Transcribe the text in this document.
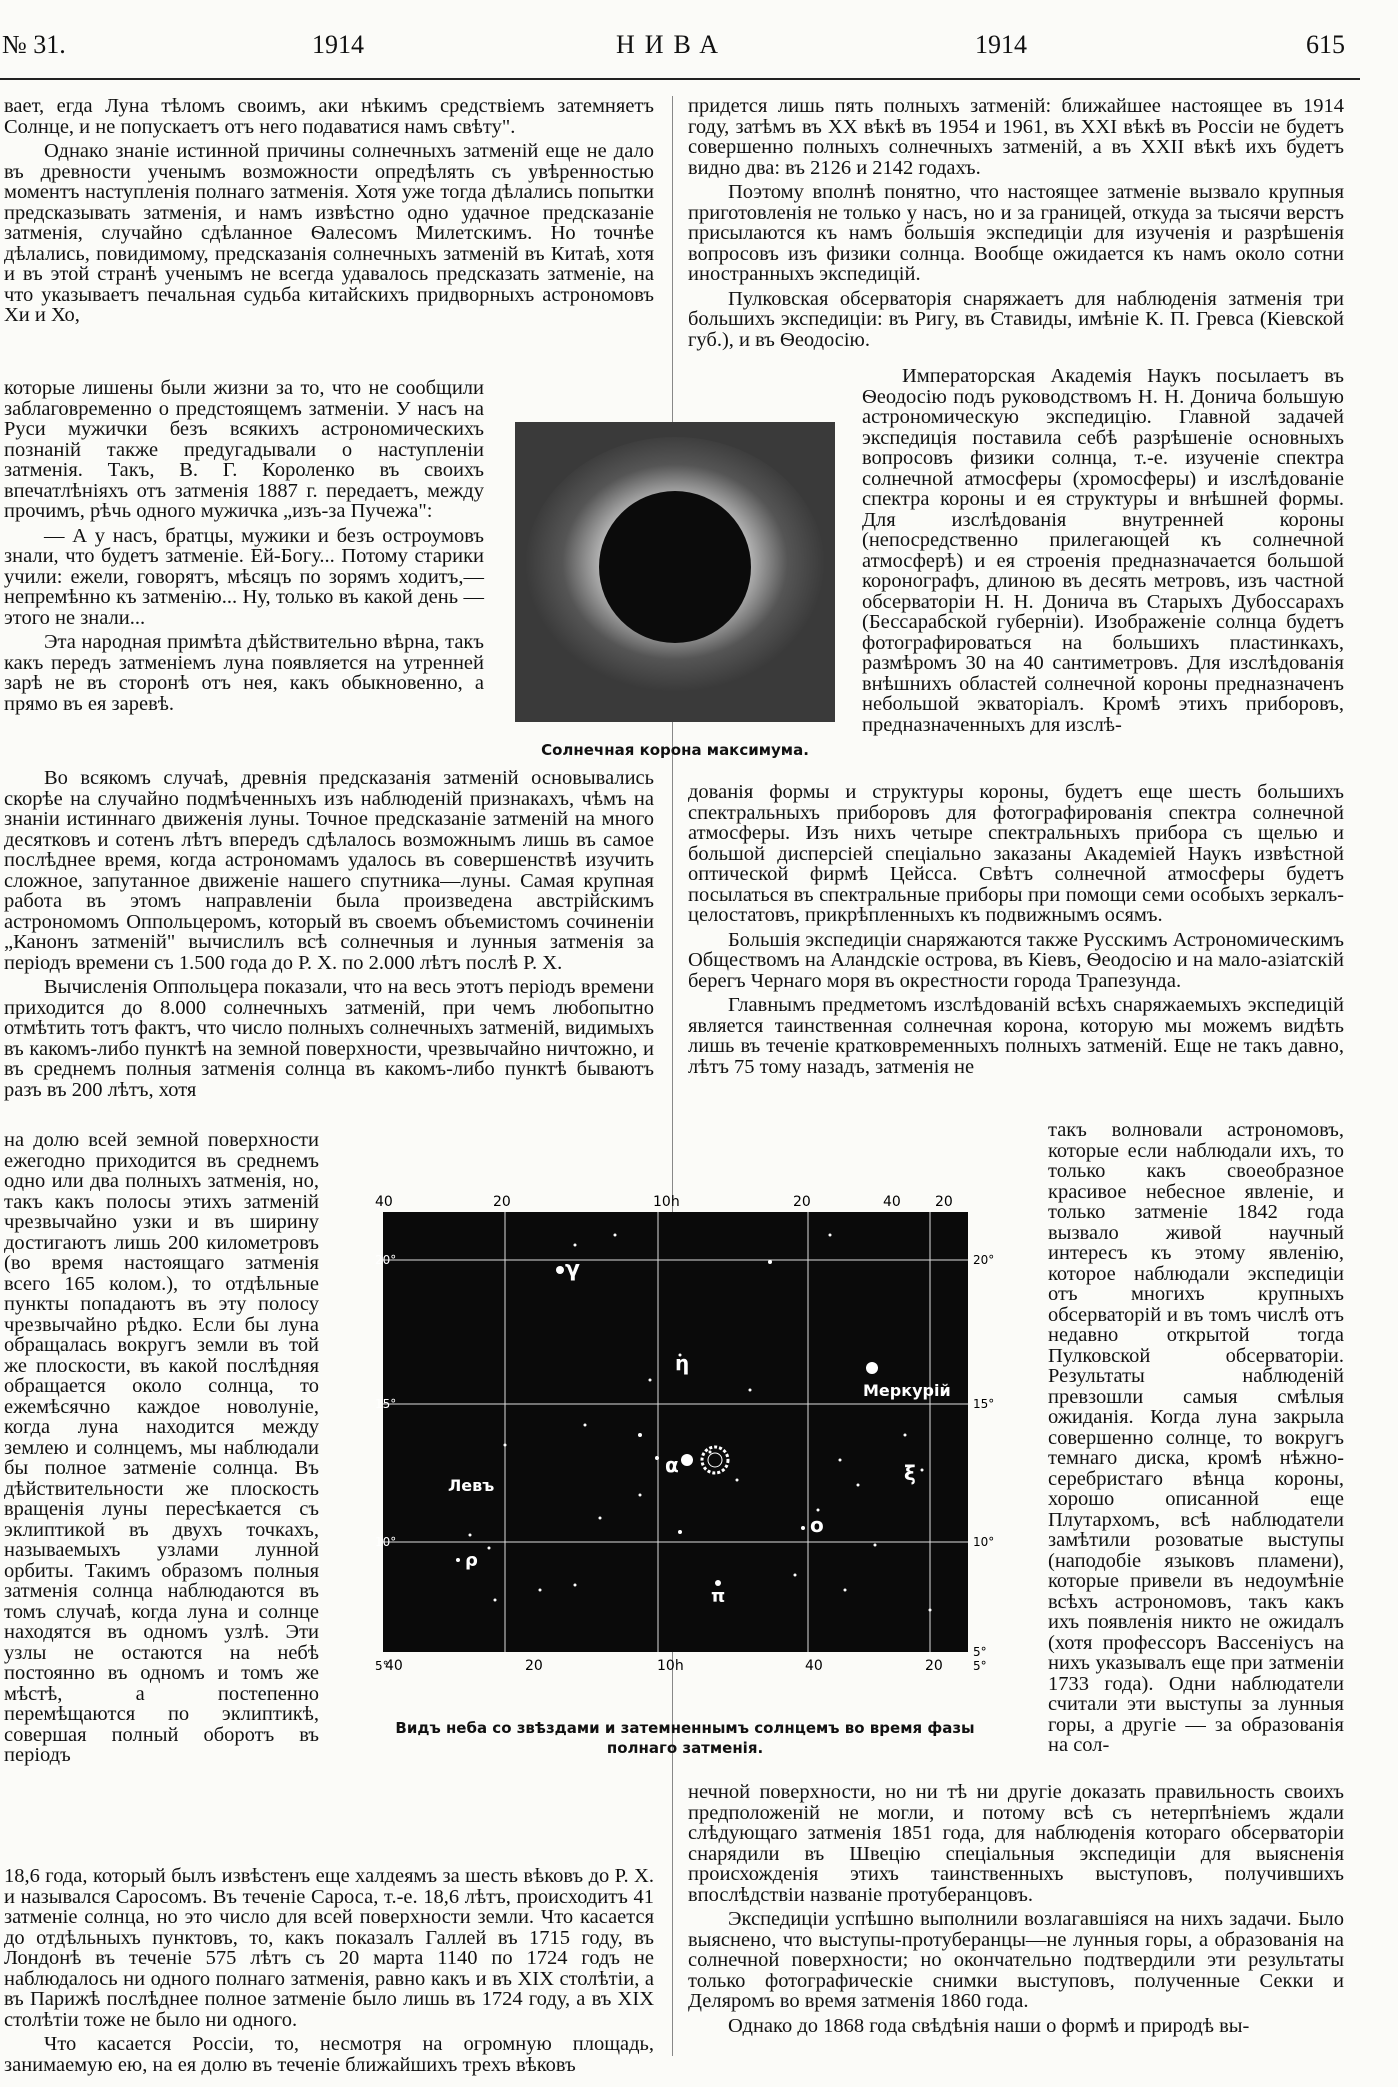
№ 31.	1914	НИВА	1914	615

вает, егда Луна тѣломъ своимъ, аки нѣкимъ средствiемъ затемняетъ Солнце, и не попускаетъ отъ него подаватися намъ свѣту".

Однако знанiе истинной причины солнечныхъ затменiй еще не дало въ древности ученымъ возможности опредѣлять съ увѣренностью моментъ наступленiя полнаго затменiя. Хотя уже тогда дѣлались попытки предсказывать затменiя, и намъ извѣстно одно удачное предсказанiе затменiя, случайно сдѣланное Ѳалесомъ Милетскимъ. Но точнѣе дѣлались, повидимому, предсказанiя солнечныхъ затменiй въ Китаѣ, хотя и въ этой странѣ ученымъ не всегда удавалось предсказать затменiе, на что указываетъ печальная судьба китайскихъ придворныхъ астрономовъ Хи и Хо,

которые лишены были жизни за то, что не сообщили заблаговременно о предстоящемъ затменiи. У насъ на Руси мужички безъ всякихъ астрономическихъ познанiй также предугадывали о наступленiи затменiя. Такъ, В. Г. Короленко въ своихъ впечатлѣнiяхъ отъ затменiя 1887 г. передаетъ, между прочимъ, рѣчь одного мужичка „изъ-за Пучежа":

— А у насъ, братцы, мужики и безъ остроумовъ знали, что будетъ затменiе. Ей-Богу... Потому старики учили: ежели, говорятъ, мѣсяцъ по зорямъ ходитъ,—непремѣнно къ затменiю... Ну, только въ какой день — этого не знали...

Эта народная примѣта дѣйствительно вѣрна, такъ какъ передъ затменiемъ луна появляется на утренней зарѣ не въ сторонѣ отъ нея, какъ обыкновенно, а прямо въ ея заревѣ.

Солнечная корона максимума.

Во всякомъ случаѣ, древнiя предсказанiя затменiй основывались скорѣе на случайно подмѣченныхъ изъ наблюденiй признакахъ, чѣмъ на знанiи истиннаго движенiя луны. Точное предсказанiе затменiй на много десятковъ и сотенъ лѣтъ впередъ сдѣлалось возможнымъ лишь въ самое послѣднее время, когда астрономамъ удалось въ совершенствѣ изучить сложное, запутанное движенiе нашего спутника—луны. Самая крупная работа въ этомъ направленiи была произведена австрiйскимъ астрономомъ Оппольцеромъ, который въ своемъ объемистомъ сочиненiи „Канонъ затменiй" вычислилъ всѣ солнечныя и лунныя затменiя за перiодъ времени съ 1.500 года до Р. Х. по 2.000 лѣтъ послѣ Р. Х.

Вычисленiя Оппольцера показали, что на весь этотъ перiодъ времени приходится до 8.000 солнечныхъ затменiй, при чемъ любопытно отмѣтить тотъ фактъ, что число полныхъ солнечныхъ затменiй, видимыхъ въ какомъ-либо пунктѣ на земной поверхности, чрезвычайно ничтожно, и въ среднемъ полныя затменiя солнца въ какомъ-либо пунктѣ бываютъ разъ въ 200 лѣтъ, хотя

на долю всей земной поверхности ежегодно приходится въ среднемъ одно или два полныхъ затменiя, но, такъ какъ полосы этихъ затменiй чрезвычайно узки и въ ширину достигаютъ лишь 200 километровъ (во время настоящаго затменiя всего 165 колом.), то отдѣльные пункты попадаютъ въ эту полосу чрезвычайно рѣдко. Если бы луна обращалась вокругъ земли въ той же плоскости, въ какой послѣдняя обращается около солнца, то ежемѣсячно каждое новолунiе, когда луна находится между землею и солнцемъ, мы наблюдали бы полное затменiе солнца. Въ дѣйствительности же плоскость вращенiя луны пересѣкается съ эклиптикой въ двухъ точкахъ, называемыхъ узлами лунной орбиты. Такимъ образомъ полныя затменiя солнца наблюдаются въ томъ случаѣ, когда луна и солнце находятся въ одномъ узлѣ. Эти узлы не остаются на небѣ постоянно въ одномъ и томъ же мѣстѣ, а постепенно перемѣщаются по эклиптикѣ, совершая полный оборотъ въ перiодъ

18,6 года, который былъ извѣстенъ еще халдеямъ за шесть вѣковъ до Р. Х. и назывался Саросомъ. Въ теченiе Сароса, т.-е. 18,6 лѣтъ, происходитъ 41 затменiе солнца, но это число для всей поверхности земли. Что касается до отдѣльныхъ пунктовъ, то, какъ показалъ Галлей въ 1715 году, въ Лондонѣ въ теченiе 575 лѣтъ съ 20 марта 1140 по 1724 годъ не наблюдалось ни одного полнаго затменiя, равно какъ и въ XIX столѣтiи, а въ Парижѣ послѣднее полное затменiе было лишь въ 1724 году, а въ XIX столѣтiи тоже не было ни одного.

Что касается Россiи, то, несмотря на огромную площадь, занимаемую ею, на ея долю въ теченiе ближайшихъ трехъ вѣковъ

придется лишь пять полныхъ затменiй: ближайшее настоящее въ 1914 году, затѣмъ въ XX вѣкѣ въ 1954 и 1961, въ XXI вѣкѣ въ Россiи не будетъ совершенно полныхъ солнечныхъ затменiй, а въ XXII вѣкѣ ихъ будетъ видно два: въ 2126 и 2142 годахъ.

Поэтому вполнѣ понятно, что настоящее затменiе вызвало крупныя приготовленiя не только у насъ, но и за границей, откуда за тысячи верстъ присылаются къ намъ большiя экспедицiи для изученiя и разрѣшенiя вопросовъ изъ физики солнца. Вообще ожидается къ намъ около сотни иностранныхъ экспедицiй.

Пулковская обсерваторiя снаряжаетъ для наблюденiя затменiя три большихъ экспедицiи: въ Ригу, въ Ставиды, имѣнiе К. П. Гревса (Кiевской губ.), и въ Ѳеодосiю.

Императорская Академiя Наукъ посылаетъ въ Ѳеодосiю подъ руководствомъ Н. Н. Донича большую астрономическую экспедицiю. Главной задачей экспедицiя поставила себѣ разрѣшенiе основныхъ вопросовъ физики солнца, т.-е. изученiе спектра солнечной атмосферы (хромосферы) и изслѣдованiе спектра короны и ея структуры и внѣшней формы. Для изслѣдованiя внутренней короны (непосредственно прилегающей къ солнечной атмосферѣ) и ея строенiя предназначается большой коронографъ, длиною въ десять метровъ, изъ частной обсерваторiи Н. Н. Донича въ Старыхъ Дубоссарахъ (Бессарабской губернiи). Изображенiе солнца будетъ фотографироваться на большихъ пластинкахъ, размѣромъ 30 на 40 сантиметровъ. Для изслѣдованiя внѣшнихъ областей солнечной короны предназначенъ небольшой экваторiалъ. Кромѣ этихъ приборовъ, предназначенныхъ для изслѣ-

дованiя формы и структуры короны, будетъ еще шесть большихъ спектральныхъ приборовъ для фотографированiя спектра солнечной атмосферы. Изъ нихъ четыре спектральныхъ прибора съ щелью и большой дисперсiей спецiально заказаны Академiей Наукъ извѣстной оптической фирмѣ Цейсса. Свѣтъ солнечной атмосферы будетъ посылаться въ спектральные приборы при помощи семи особыхъ зеркалъ-целостатовъ, прикрѣпленныхъ къ подвижнымъ осямъ.

Большiя экспедицiи снаряжаются также Русскимъ Астрономическимъ Обществомъ на Аландскiе острова, въ Кiевъ, Ѳеодосiю и на мало-азiатскiй берегъ Чернаго моря въ окрестности города Трапезунда.

Главнымъ предметомъ изслѣдованiй всѣхъ снаряжаемыхъ экспедицiй является таинственная солнечная корона, которую мы можемъ видѣть лишь въ теченiе кратковременныхъ полныхъ затменiй. Еще не такъ давно, лѣтъ 75 тому назадъ, затменiя не

такъ волновали астрономовъ, которые если наблюдали ихъ, то только какъ своеобразное красивое небесное явленiе, и только затменiе 1842 года вызвало живой научный интересъ къ этому явленiю, которое наблюдали экспедицiи отъ многихъ крупныхъ обсерваторiй и въ томъ числѣ отъ недавно открытой тогда Пулковской обсерваторiи. Результаты наблюденiй превзошли самыя смѣлыя ожиданiя. Когда луна закрыла совершенно солнце, то вокругъ темнаго диска, кромѣ нѣжно-серебристаго вѣнца короны, хорошо описанной еще Плутархомъ, всѣ наблюдатели замѣтили розоватые выступы (наподобiе языковъ пламени), которые привели въ недоумѣнiе всѣхъ астрономовъ, такъ какъ ихъ появленiя никто не ожидалъ (хотя профессоръ Вассенiусъ на нихъ указывалъ еще при затменiи 1733 года). Одни наблюдатели считали эти выступы за лунныя горы, а другiе — за образованiя на сол-

нечной поверхности, но ни тѣ ни другiе доказать правильность своихъ предположенiй не могли, и потому всѣ съ нетерпѣнiемъ ждали слѣдующаго затменiя 1851 года, для наблюденiя котораго обсерваторiи снарядили въ Швецiю спецiальныя экспедицiи для выясненiя происхожденiя этихъ таинственныхъ выступовъ, получившихъ впослѣдствiи названiе протуберанцовъ.

Экспедицiи успѣшно выполнили возлагавшiяся на нихъ задачи. Было выяснено, что выступы-протуберанцы—не лунныя горы, а образованiя на солнечной поверхности; но окончательно подтвердили эти результаты только фотографическiе снимки выступовъ, полученные Секки и Деляромъ во время затменiя 1860 года.

Однако до 1868 года свѣдѣнiя наши о формѣ и природѣ вы-

40	20	10h	20	40 20
20°
15°
10°
20°
15°
10°
5°
γ
η
α	ξ
o
ρ
π
Меркурiй
Левъ
5°
40	20	10h	40	20	5°
Видъ неба со звѣздами и затемненнымъ солнцемъ во время фазы полнаго затменiя.
